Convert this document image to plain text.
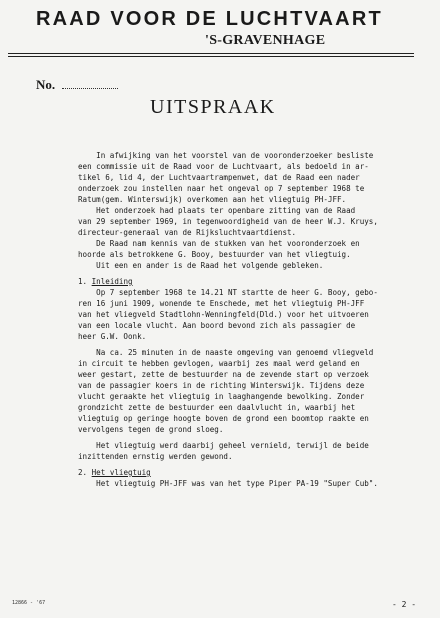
RAAD VOOR DE LUCHTVAART
'S-GRAVENHAGE
No.
UITSPRAAK
In afwijking van het voorstel van de vooronderzoeker besliste
een commissie uit de Raad voor de Luchtvaart, als bedoeld in ar-
tikel 6, lid 4, der Luchtvaartrampenwet, dat de Raad een nader
onderzoek zou instellen naar het ongeval op 7 september 1968 te
Ratum(gem. Winterswijk) overkomen aan het vliegtuig PH-JFF.
Het onderzoek had plaats ter openbare zitting van de Raad
van 29 september 1969, in tegenwoordigheid van de heer W.J. Kruys,
directeur-generaal van de Rijksluchtvaartdienst.
De Raad nam kennis van de stukken van het vooronderzoek en
hoorde als betrokkene G. Booy, bestuurder van het vliegtuig.
Uit een en ander is de Raad het volgende gebleken.
1. Inleiding
Op 7 september 1968 te 14.21 NT startte de heer G. Booy, gebo-
ren 16 juni 1909, wonende te Enschede, met het vliegtuig PH-JFF
van het vliegveld Stadtlohn-Wenningfeld(Dld.) voor het uitvoeren
van een locale vlucht. Aan boord bevond zich als passagier de
heer G.W. Oonk.
Na ca. 25 minuten in de naaste omgeving van genoemd vliegveld
in circuit te hebben gevlogen, waarbij zes maal werd geland en
weer gestart, zette de bestuurder na de zevende start op verzoek
van de passagier koers in de richting Winterswijk. Tijdens deze
vlucht geraakte het vliegtuig in laaghangende bewolking. Zonder
grondzicht zette de bestuurder een daalvlucht in, waarbij het
vliegtuig op geringe hoogte boven de grond een boomtop raakte en
vervolgens tegen de grond sloeg.
Het vliegtuig werd daarbij geheel vernield, terwijl de beide
inzittenden ernstig werden gewond.
2. Het vliegtuig
Het vliegtuig PH-JFF was van het type Piper PA-19 "Super Cub".
12866 - '67	- 2 -
